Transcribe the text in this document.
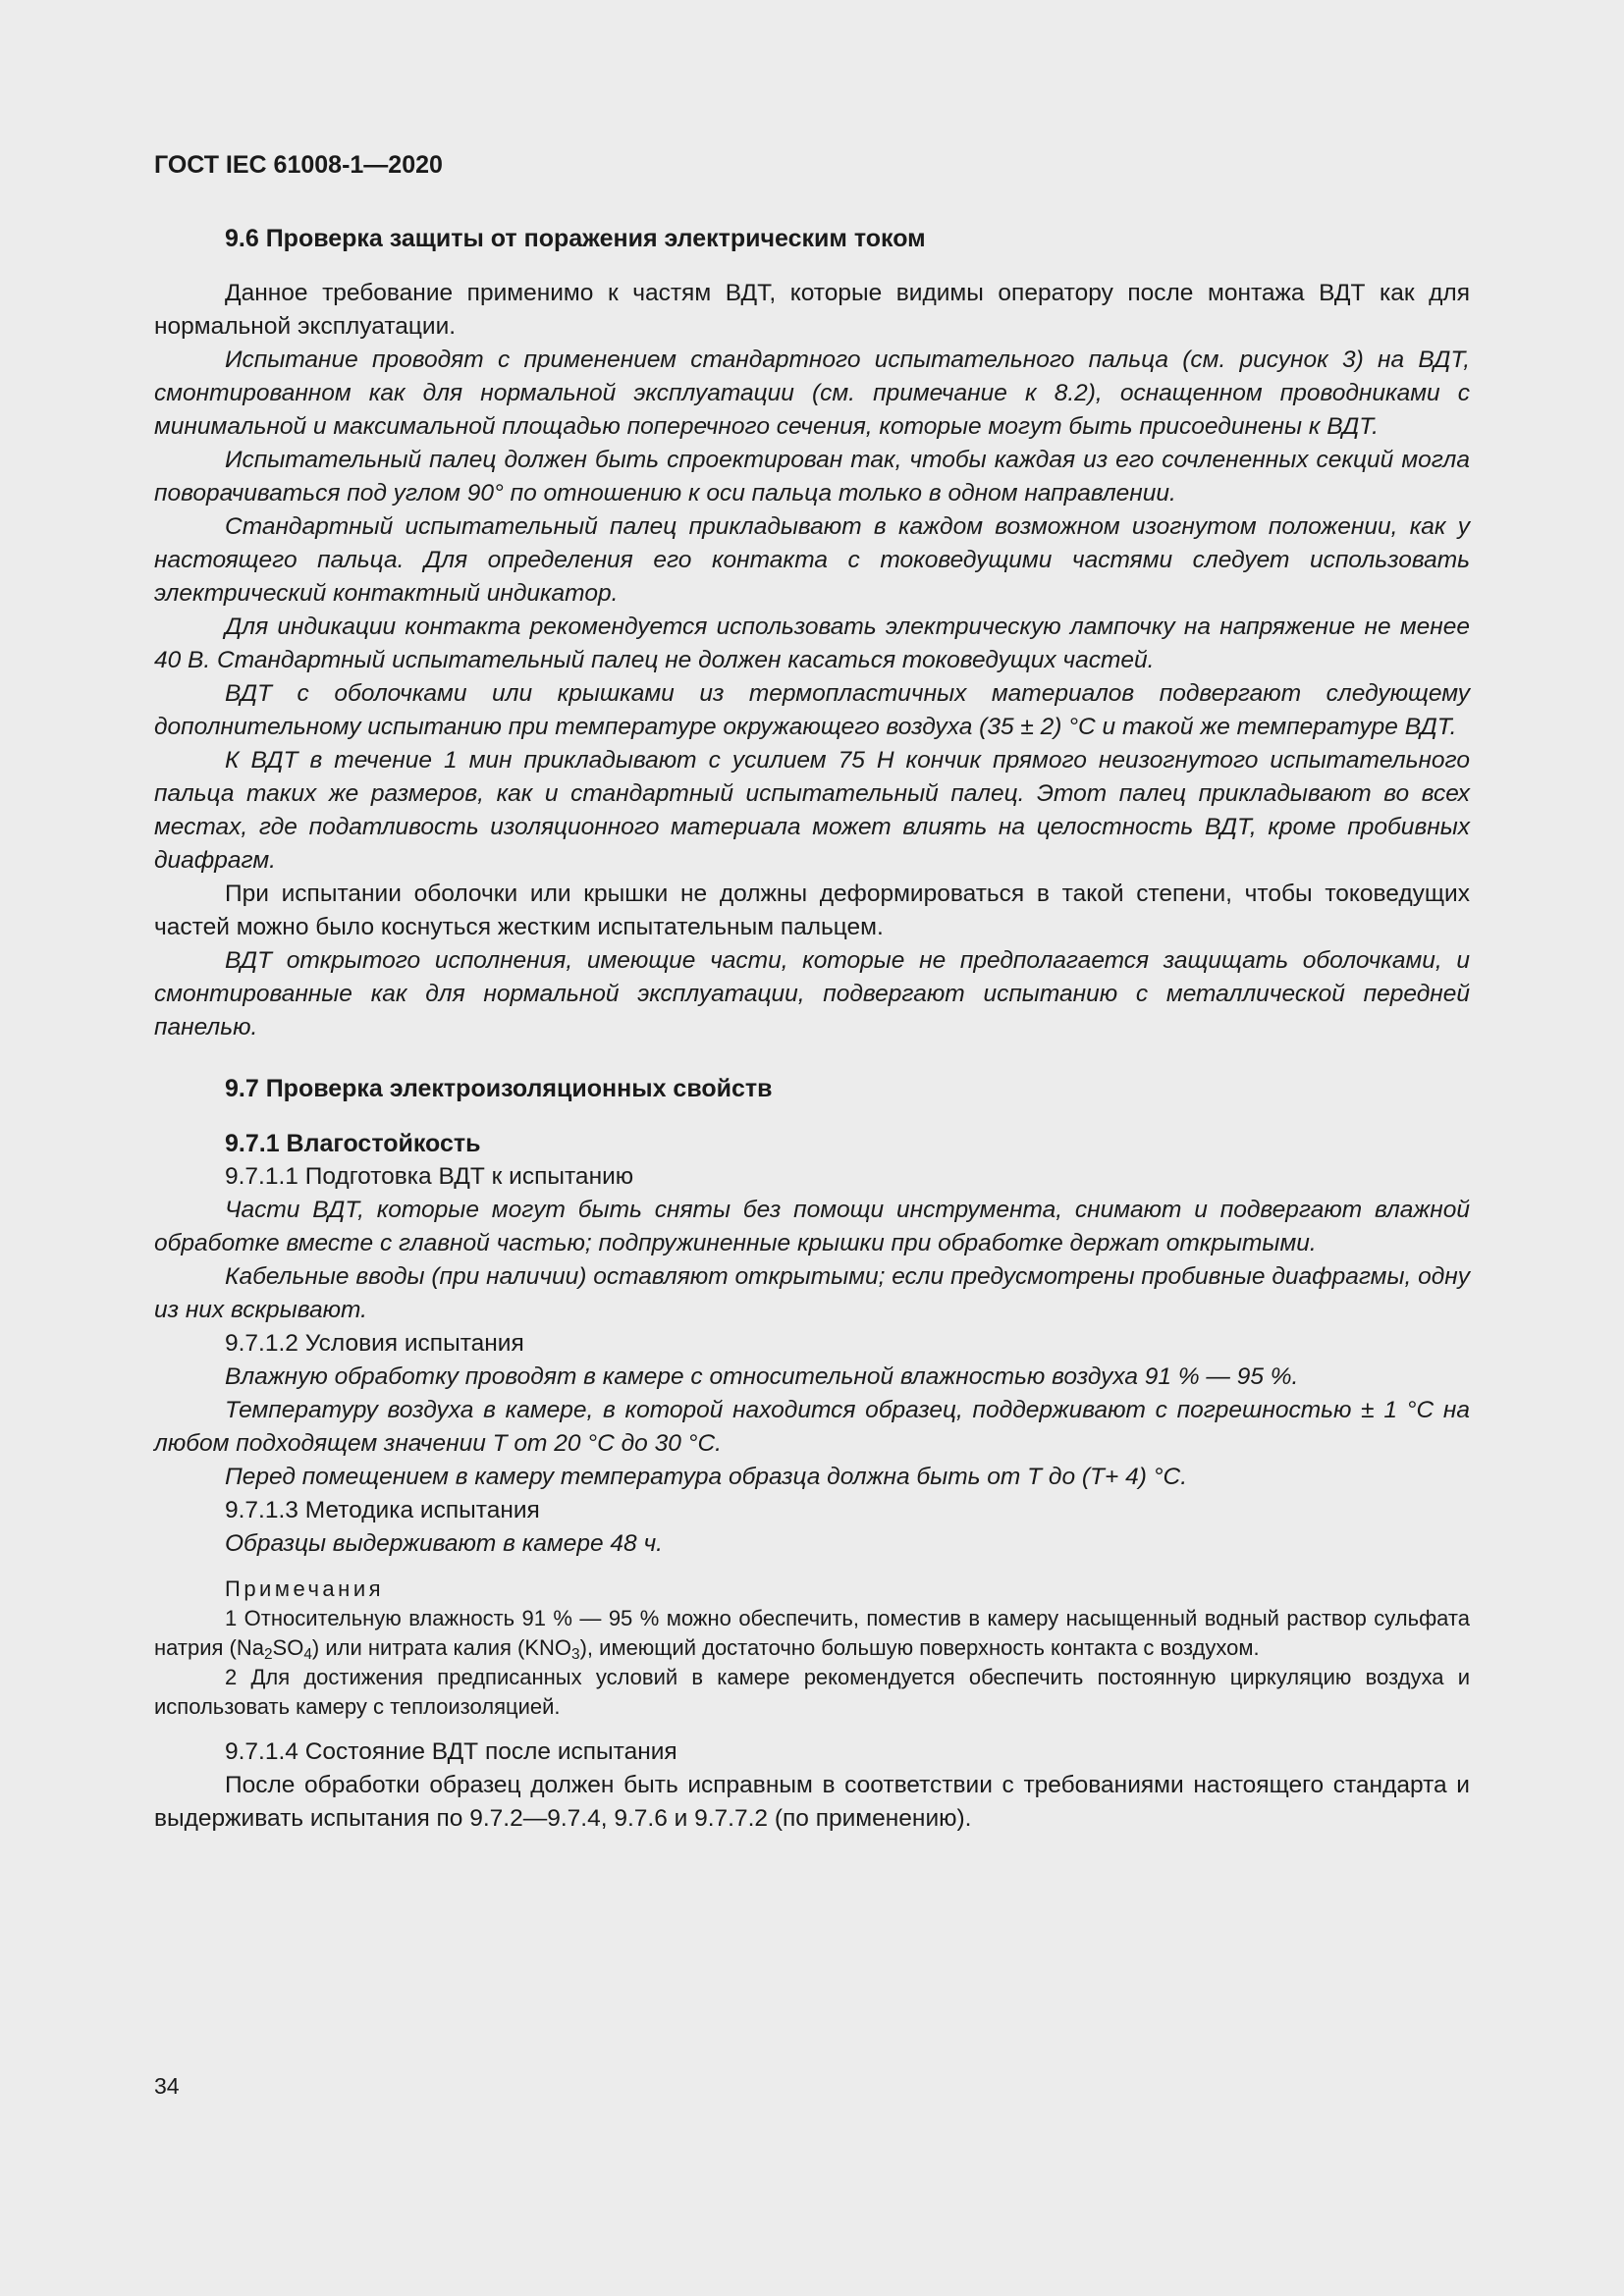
ГОСТ IEC 61008-1—2020

9.6 Проверка защиты от поражения электрическим током

Данное требование применимо к частям ВДТ, которые видимы оператору после монтажа ВДТ как для нормальной эксплуатации.

Испытание проводят с применением стандартного испытательного пальца (см. рисунок 3) на ВДТ, смонтированном как для нормальной эксплуатации (см. примечание к 8.2), оснащенном проводниками с минимальной и максимальной площадью поперечного сечения, которые могут быть присоединены к ВДТ.

Испытательный палец должен быть спроектирован так, чтобы каждая из его сочлененных секций могла поворачиваться под углом 90° по отношению к оси пальца только в одном направлении.

Стандартный испытательный палец прикладывают в каждом возможном изогнутом положении, как у настоящего пальца. Для определения его контакта с токоведущими частями следует использовать электрический контактный индикатор.

Для индикации контакта рекомендуется использовать электрическую лампочку на напряжение не менее 40 В. Стандартный испытательный палец не должен касаться токоведущих частей.

ВДТ с оболочками или крышками из термопластичных материалов подвергают следующему дополнительному испытанию при температуре окружающего воздуха (35 ± 2) °С и такой же температуре ВДТ.

К ВДТ в течение 1 мин прикладывают с усилием 75 Н кончик прямого неизогнутого испытательного пальца таких же размеров, как и стандартный испытательный палец. Этот палец прикладывают во всех местах, где податливость изоляционного материала может влиять на целостность ВДТ, кроме пробивных диафрагм.

При испытании оболочки или крышки не должны деформироваться в такой степени, чтобы токоведущих частей можно было коснуться жестким испытательным пальцем.

ВДТ открытого исполнения, имеющие части, которые не предполагается защищать оболочками, и смонтированные как для нормальной эксплуатации, подвергают испытанию с металлической передней панелью.

9.7 Проверка электроизоляционных свойств
9.7.1 Влагостойкость

9.7.1.1 Подготовка ВДТ к испытанию

Части ВДТ, которые могут быть сняты без помощи инструмента, снимают и подвергают влажной обработке вместе с главной частью; подпружиненные крышки при обработке держат открытыми.

Кабельные вводы (при наличии) оставляют открытыми; если предусмотрены пробивные диафрагмы, одну из них вскрывают.

9.7.1.2 Условия испытания

Влажную обработку проводят в камере с относительной влажностью воздуха 91 % — 95 %.

Температуру воздуха в камере, в которой находится образец, поддерживают с погрешностью ± 1 °С на любом подходящем значении Т от 20 °С до 30 °С.

Перед помещением в камеру температура образца должна быть от Т до (Т+ 4) °С.

9.7.1.3 Методика испытания

Образцы выдерживают в камере 48 ч.

Примечания

1 Относительную влажность 91 % — 95 % можно обеспечить, поместив в камеру насыщенный водный раствор сульфата натрия $(Na_2SO_4)$ или нитрата калия $(KNO_3)$, имеющий достаточно большую поверхность контакта с воздухом.

2 Для достижения предписанных условий в камере рекомендуется обеспечить постоянную циркуляцию воздуха и использовать камеру с теплоизоляцией.

9.7.1.4 Состояние ВДТ после испытания

После обработки образец должен быть исправным в соответствии с требованиями настоящего стандарта и выдерживать испытания по 9.7.2—9.7.4, 9.7.6 и 9.7.7.2 (по применению).

34
